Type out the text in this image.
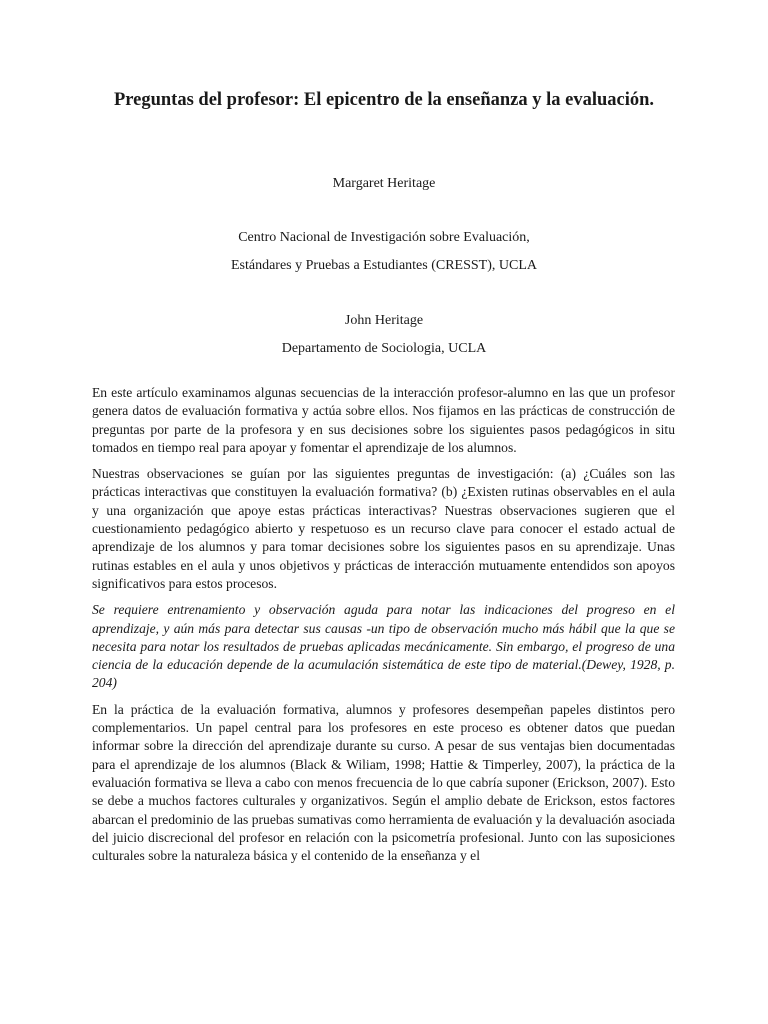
Preguntas del profesor: El epicentro de la enseñanza y la evaluación.
Margaret Heritage
Centro Nacional de Investigación sobre Evaluación,
Estándares y Pruebas a Estudiantes (CRESST), UCLA
John Heritage
Departamento de Sociologia, UCLA

En este artículo examinamos algunas secuencias de la interacción profesor-alumno en las que un profesor genera datos de evaluación formativa y actúa sobre ellos. Nos fijamos en las prácticas de construcción de preguntas por parte de la profesora y en sus decisiones sobre los siguientes pasos pedagógicos in situ tomados en tiempo real para apoyar y fomentar el aprendizaje de los alumnos.

Nuestras observaciones se guían por las siguientes preguntas de investigación: (a) ¿Cuáles son las prácticas interactivas que constituyen la evaluación formativa? (b) ¿Existen rutinas observables en el aula y una organización que apoye estas prácticas interactivas? Nuestras observaciones sugieren que el cuestionamiento pedagógico abierto y respetuoso es un recurso clave para conocer el estado actual de aprendizaje de los alumnos y para tomar decisiones sobre los siguientes pasos en su aprendizaje. Unas rutinas estables en el aula y unos objetivos y prácticas de interacción mutuamente entendidos son apoyos significativos para estos procesos.

Se requiere entrenamiento y observación aguda para notar las indicaciones del progreso en el aprendizaje, y aún más para detectar sus causas -un tipo de observación mucho más hábil que la que se necesita para notar los resultados de pruebas aplicadas mecánicamente. Sin embargo, el progreso de una ciencia de la educación depende de la acumulación sistemática de este tipo de material.(Dewey, 1928, p. 204)

En la práctica de la evaluación formativa, alumnos y profesores desempeñan papeles distintos pero complementarios. Un papel central para los profesores en este proceso es obtener datos que puedan informar sobre la dirección del aprendizaje durante su curso. A pesar de sus ventajas bien documentadas para el aprendizaje de los alumnos (Black & Wiliam, 1998; Hattie & Timperley, 2007), la práctica de la evaluación formativa se lleva a cabo con menos frecuencia de lo que cabría suponer (Erickson, 2007). Esto se debe a muchos factores culturales y organizativos. Según el amplio debate de Erickson, estos factores abarcan el predominio de las pruebas sumativas como herramienta de evaluación y la devaluación asociada del juicio discrecional del profesor en relación con la psicometría profesional. Junto con las suposiciones culturales sobre la naturaleza básica y el contenido de la enseñanza y el
